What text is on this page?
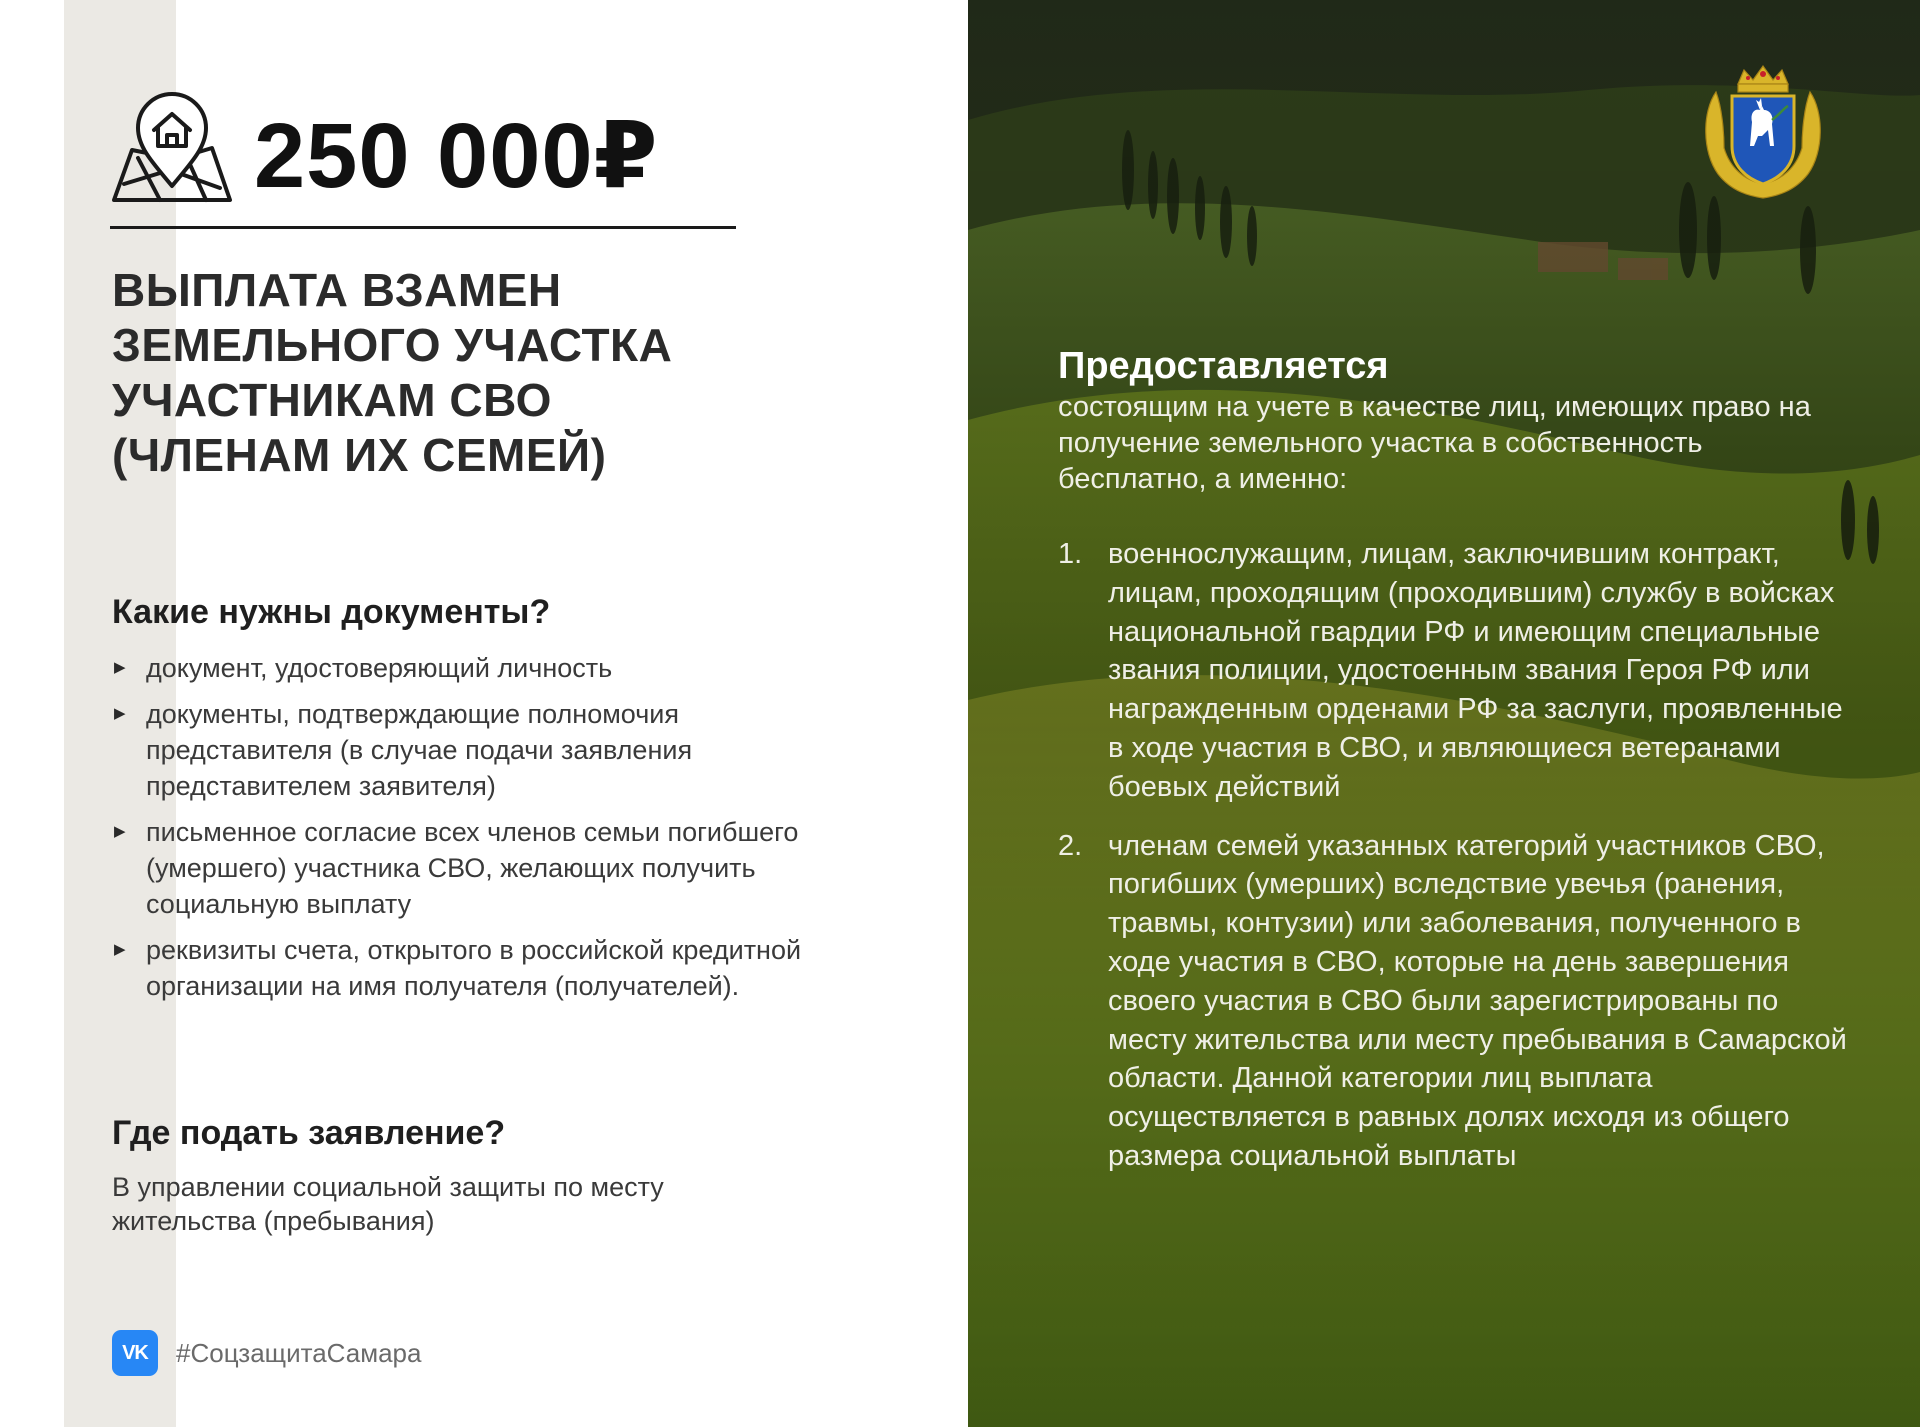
250 000₽
ВЫПЛАТА ВЗАМЕН
ЗЕМЕЛЬНОГО УЧАСТКА
УЧАСТНИКАМ СВО
(ЧЛЕНАМ ИХ СЕМЕЙ)
Какие нужны документы?
▶ документ, удостоверяющий личность
▶ документы, подтверждающие полномочия представителя (в случае подачи заявления представителем заявителя)
▶ письменное согласие всех членов семьи погибшего (умершего) участника СВО, желающих получить социальную выплату
▶ реквизиты счета, открытого в российской кредитной организации на имя получателя (получателей).
Где подать заявление?

В управлении социальной защиты по месту жительства (пребывания)

VK	#СоцзащитаСамара
Предоставляется

состоящим на учете в качестве лиц, имеющих право на получение земельного участка в собственность бесплатно, а именно:

1. военнослужащим, лицам, заключившим контракт, лицам, проходящим (проходившим) службу в войсках национальной гвардии РФ и имеющим специальные звания полиции, удостоенным звания Героя РФ или награжденным орденами РФ за заслуги, проявленные в ходе участия в СВО, и являющиеся ветеранами боевых действий
2. членам семей указанных категорий участников СВО, погибших (умерших) вследствие увечья (ранения, травмы, контузии) или заболевания, полученного в ходе участия в СВО, которые на день завершения своего участия в СВО были зарегистрированы по месту жительства или месту пребывания в Самарской области. Данной категории лиц выплата осуществляется в равных долях исходя из общего размера социальной выплаты
